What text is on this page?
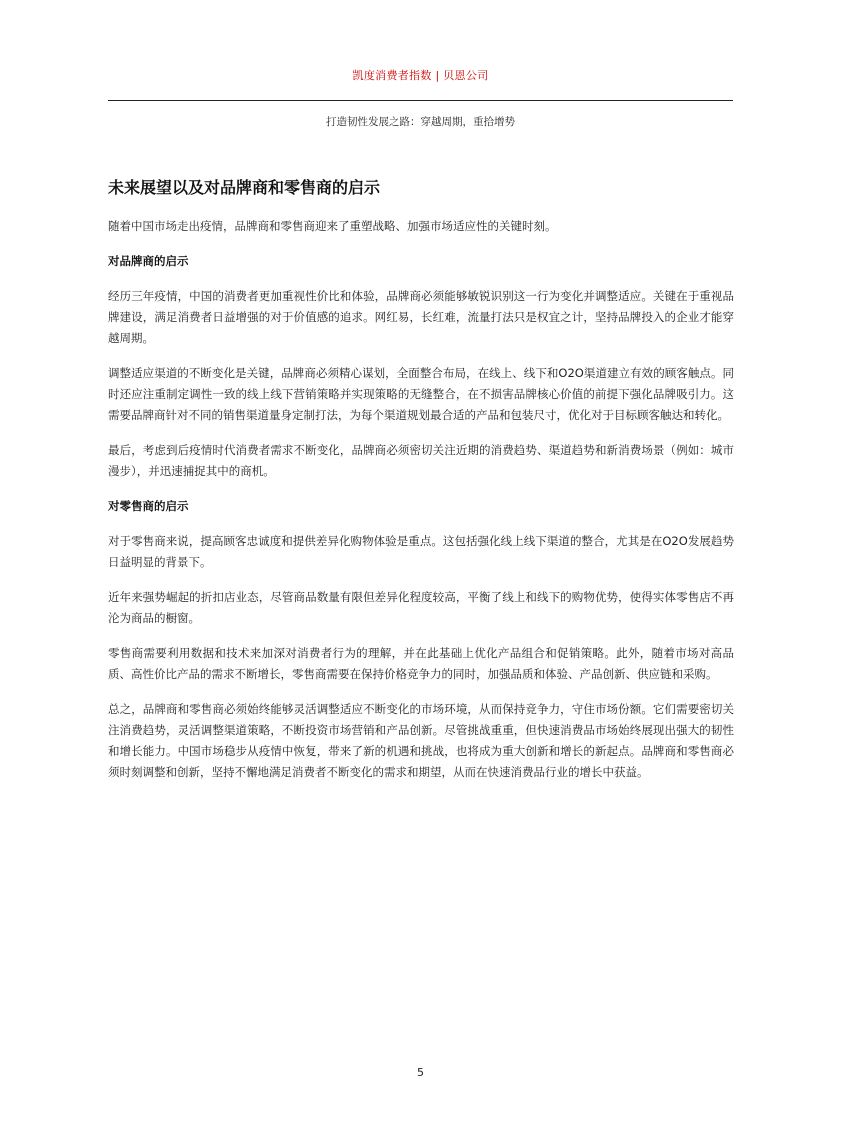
凯度消费者指数 | 贝恩公司
打造韧性发展之路：穿越周期，重拾增势
未来展望以及对品牌商和零售商的启示

随着中国市场走出疫情，品牌商和零售商迎来了重塑战略、加强市场适应性的关键时刻。

对品牌商的启示

经历三年疫情，中国的消费者更加重视性价比和体验，品牌商必须能够敏锐识别这一行为变化并调整适应。关键在于重视品牌建设，满足消费者日益增强的对于价值感的追求。网红易，长红难，流量打法只是权宜之计，坚持品牌投入的企业才能穿越周期。

调整适应渠道的不断变化是关键，品牌商必须精心谋划，全面整合布局，在线上、线下和O2O渠道建立有效的顾客触点。同时还应注重制定调性一致的线上线下营销策略并实现策略的无缝整合，在不损害品牌核心价值的前提下强化品牌吸引力。这需要品牌商针对不同的销售渠道量身定制打法，为每个渠道规划最合适的产品和包装尺寸，优化对于目标顾客触达和转化。

最后，考虑到后疫情时代消费者需求不断变化，品牌商必须密切关注近期的消费趋势、渠道趋势和新消费场景（例如：城市漫步），并迅速捕捉其中的商机。

对零售商的启示

对于零售商来说，提高顾客忠诚度和提供差异化购物体验是重点。这包括强化线上线下渠道的整合，尤其是在O2O发展趋势日益明显的背景下。

近年来强势崛起的折扣店业态，尽管商品数量有限但差异化程度较高，平衡了线上和线下的购物优势，使得实体零售店不再沦为商品的橱窗。

零售商需要利用数据和技术来加深对消费者行为的理解，并在此基础上优化产品组合和促销策略。此外，随着市场对高品质、高性价比产品的需求不断增长，零售商需要在保持价格竞争力的同时，加强品质和体验、产品创新、供应链和采购。

总之，品牌商和零售商必须始终能够灵活调整适应不断变化的市场环境，从而保持竞争力，守住市场份额。它们需要密切关注消费趋势，灵活调整渠道策略，不断投资市场营销和产品创新。尽管挑战重重，但快速消费品市场始终展现出强大的韧性和增长能力。中国市场稳步从疫情中恢复，带来了新的机遇和挑战，也将成为重大创新和增长的新起点。品牌商和零售商必须时刻调整和创新，坚持不懈地满足消费者不断变化的需求和期望，从而在快速消费品行业的增长中获益。

5
